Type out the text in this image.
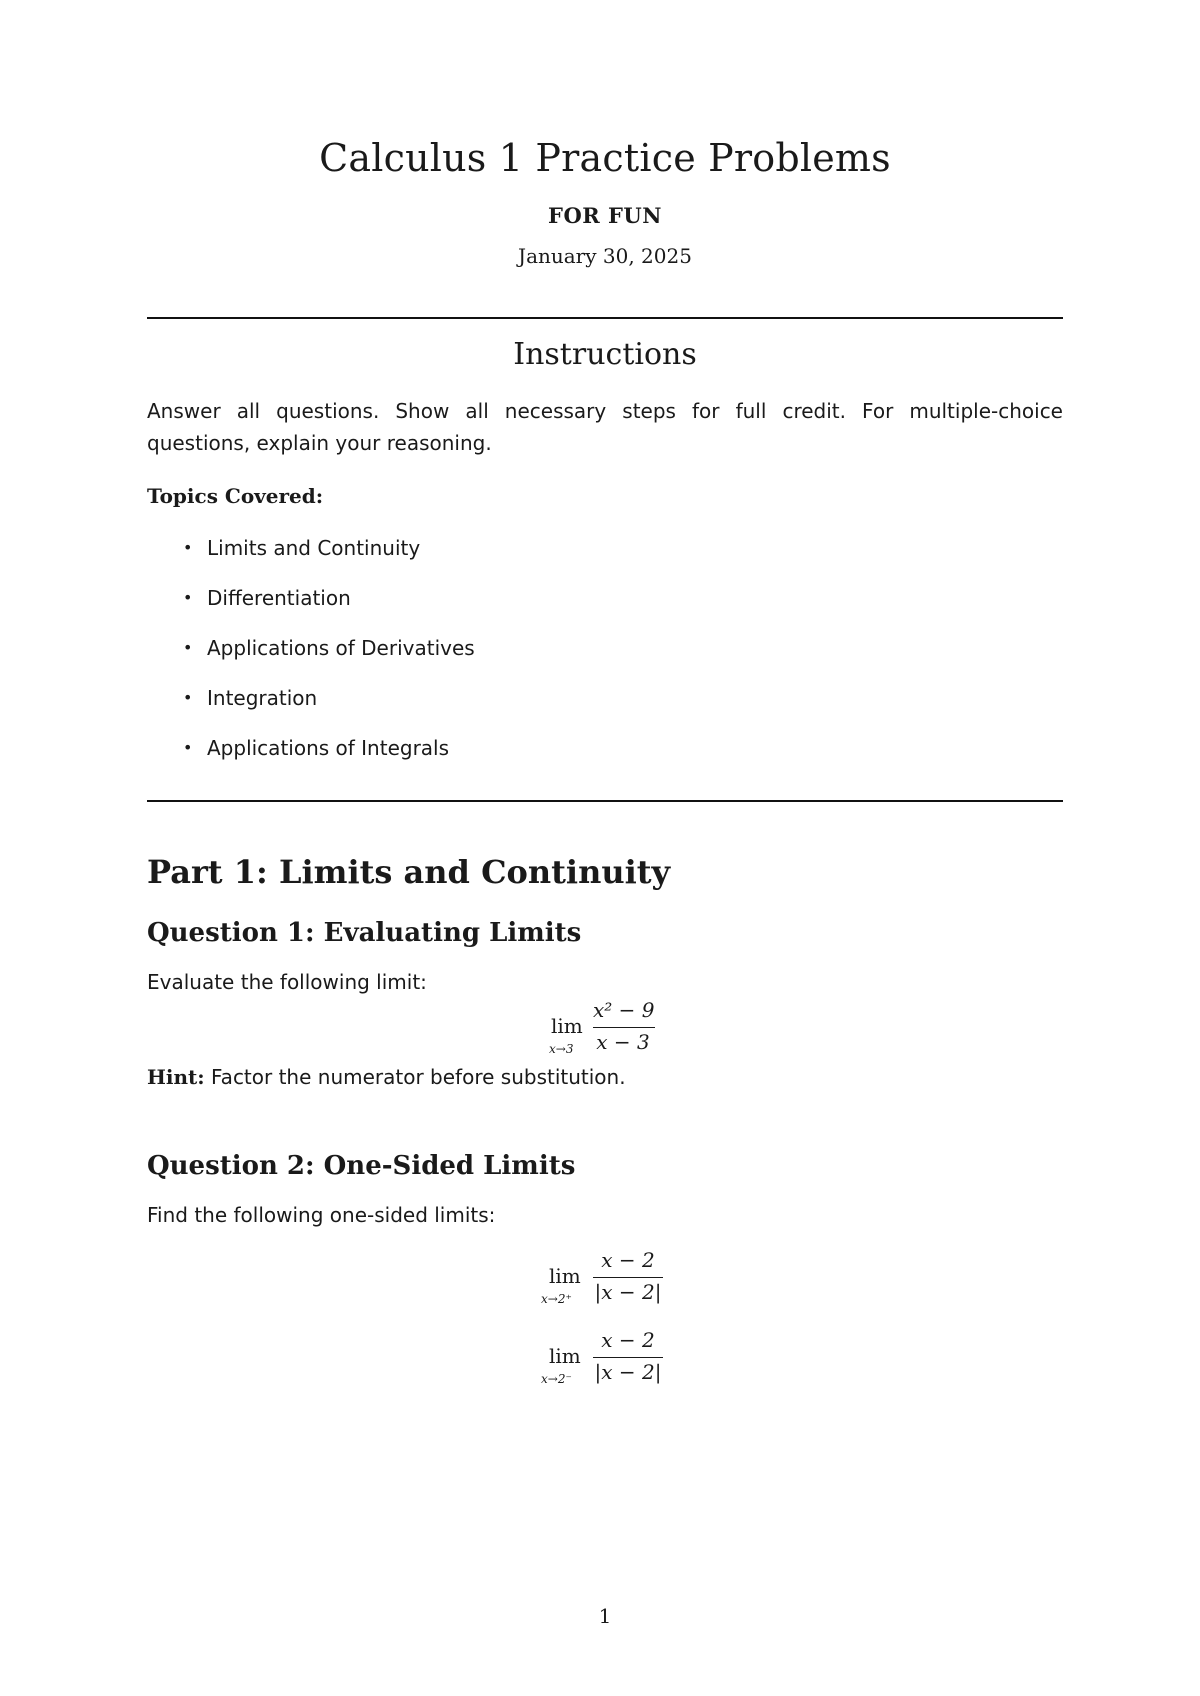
Calculus 1 Practice Problems
FOR FUN
January 30, 2025
Instructions
Answer all questions. Show all necessary steps for full credit. For multiple-choice questions, explain your reasoning.
Topics Covered:
• Limits and Continuity
• Differentiation
• Applications of Derivatives
• Integration
• Applications of Integrals
Part 1: Limits and Continuity
Question 1: Evaluating Limits
Evaluate the following limit:
lim
x→3
x² − 9
x − 3
Hint: Factor the numerator before substitution.
Question 2: One-Sided Limits
Find the following one-sided limits:
lim
x→2⁺
x − 2
|x − 2|
lim
x→2⁻
x − 2
|x − 2|
1
